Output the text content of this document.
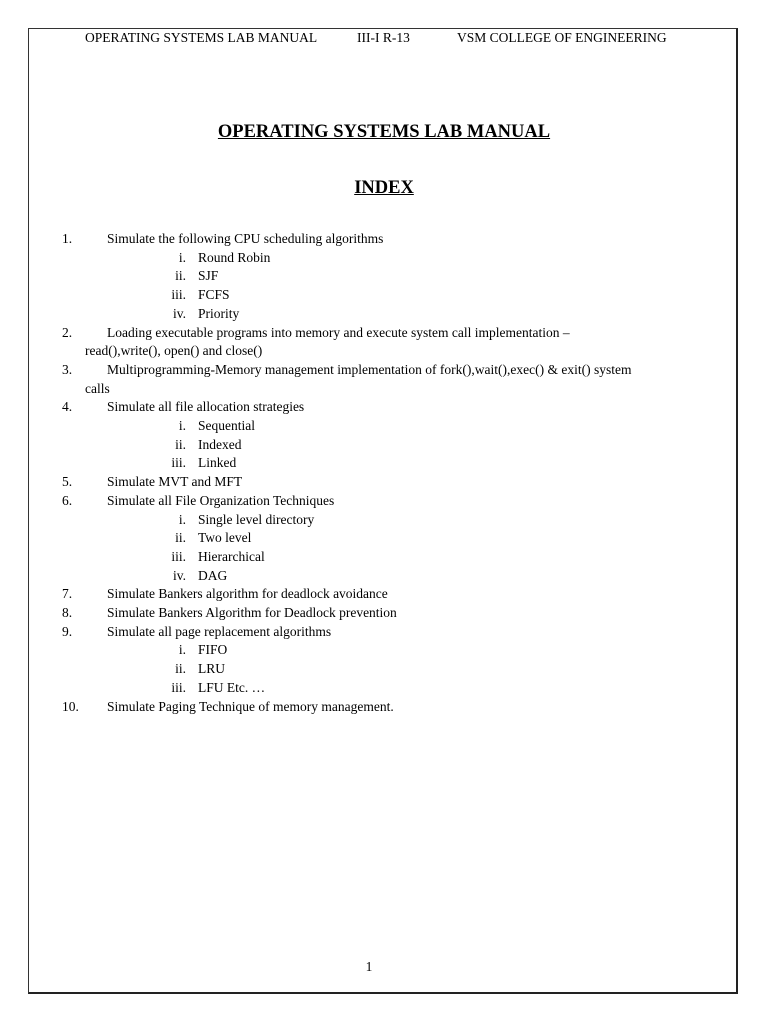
OPERATING SYSTEMS LAB MANUAL	III-I R-13	VSM COLLEGE OF ENGINEERING
OPERATING SYSTEMS LAB MANUAL
INDEX
1.	Simulate the following CPU scheduling algorithms
i. Round Robin
ii. SJF
iii. FCFS
iv. Priority
2.	Loading executable programs into memory and execute system call implementation –
read(),write(), open() and close()
3.	Multiprogramming-Memory management implementation of fork(),wait(),exec() & exit() system
calls
4.	Simulate all file allocation strategies
i. Sequential
ii. Indexed
iii. Linked
5.	Simulate MVT and MFT
6.	Simulate all File Organization Techniques
i. Single level directory
ii. Two level
iii. Hierarchical
iv. DAG
7.	Simulate Bankers algorithm for deadlock avoidance
8.	Simulate Bankers Algorithm for Deadlock prevention
9.	Simulate all page replacement algorithms
i. FIFO
ii. LRU
iii. LFU Etc. …
10. Simulate Paging Technique of memory management.
1
